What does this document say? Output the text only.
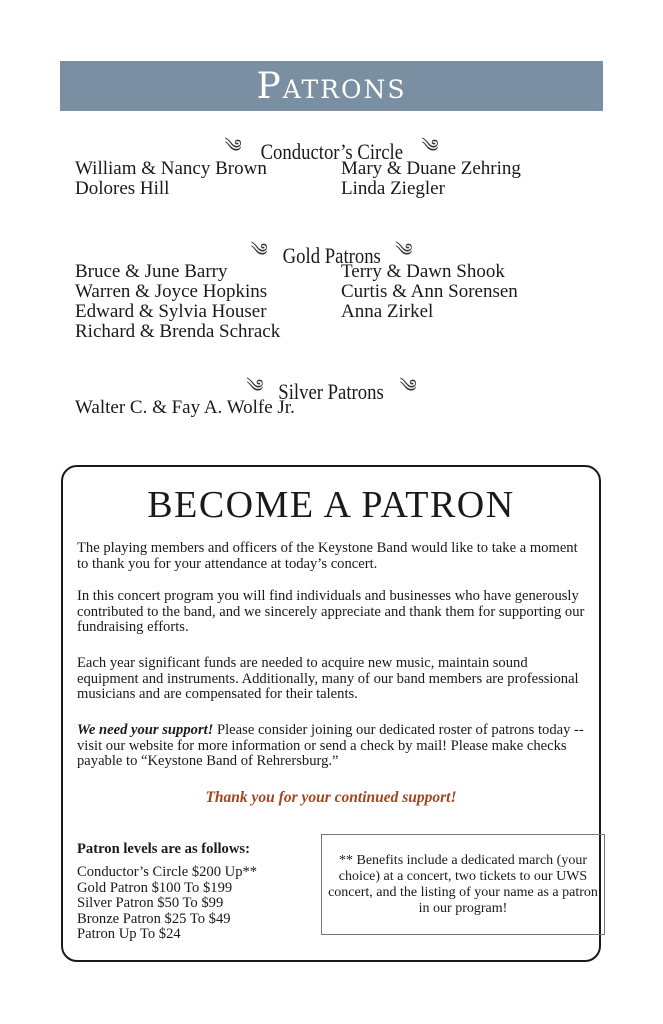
Patrons
༄ Conductor’s Circle ༄
William & Nancy Brown	Mary & Duane Zehring
Dolores Hill	Linda Ziegler
༄ Gold Patrons ༄
Bruce & June Barry	Terry & Dawn Shook
Warren & Joyce Hopkins	Curtis & Ann Sorensen
Edward & Sylvia Houser	Anna Zirkel
Richard & Brenda Schrack
༄ Silver Patrons ༄
Walter C. & Fay A. Wolfe Jr.
BECOME A PATRON
The playing members and officers of the Keystone Band would like to take a moment to thank you for your attendance at today’s concert.
In this concert program you will find individuals and businesses who have generously contributed to the band, and we sincerely appreciate and thank them for supporting our fundraising efforts.
Each year significant funds are needed to acquire new music, maintain sound equipment and instruments. Additionally, many of our band members are professional musicians and are compensated for their talents.
We need your support! Please consider joining our dedicated roster of patrons today -- visit our website for more information or send a check by mail! Please make checks payable to “Keystone Band of Rehrersburg.”
Thank you for your continued support!
Patron levels are as follows:
Conductor’s Circle $200 Up**
Gold Patron $100 To $199
Silver Patron $50 To $99
Bronze Patron $25 To $49
Patron Up To $24
** Benefits include a dedicated march (your choice) at a concert, two tickets to our UWS concert, and the listing of your name as a patron in our program!
